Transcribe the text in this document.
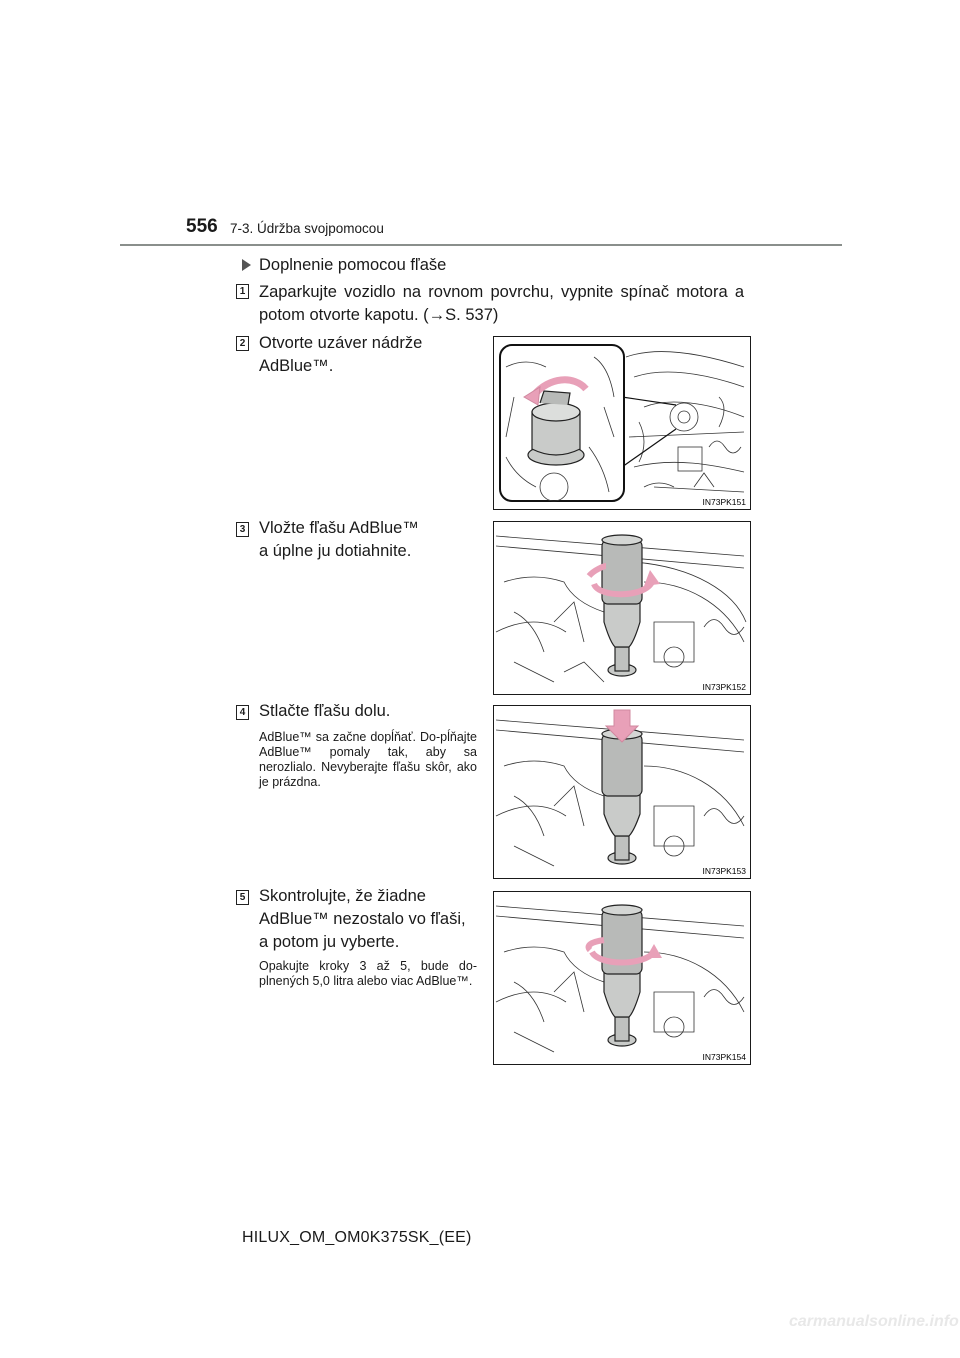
556 7-3. Údržba svojpomocou
Doplnenie pomocou fľaše
1 Zaparkujte vozidlo na rovnom povrchu, vypnite spínač motora a potom otvorte kapotu. (→S. 537)
2 Otvorte uzáver nádrže
AdBlue™.
IN73PK151
3 Vložte fľašu AdBlue™
a úplne ju dotiahnite.
IN73PK152
4 Stlačte fľašu dolu.
AdBlue™ sa začne dopĺňať. Do-pĺňajte AdBlue™ pomaly tak, aby sa nerozlialo. Nevyberajte fľašu skôr, ako je prázdna.
IN73PK153
5 Skontrolujte, že žiadne
AdBlue™ nezostalo vo fľaši,
a potom ju vyberte.
Opakujte kroky 3 až 5, bude do-plnených 5,0 litra alebo viac AdBlue™.
IN73PK154
HILUX_OM_OM0K375SK_(EE)
carmanualsonline.info
